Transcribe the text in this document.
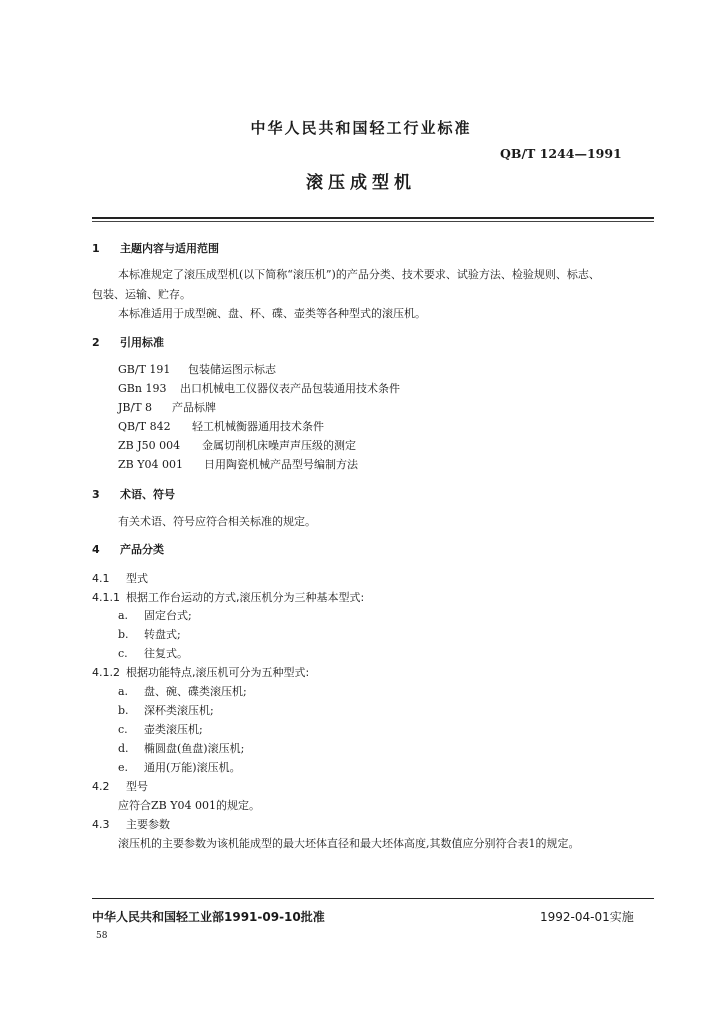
中华人民共和国轻工行业标准
QB/T 1244—1991
滚压成型机
1 主题内容与适用范围
本标准规定了滚压成型机(以下简称“滚压机”)的产品分类、技术要求、试验方法、检验规则、标志、
包装、运输、贮存。
本标准适用于成型碗、盘、杯、碟、壶类等各种型式的滚压机。
2 引用标准
GB/T 191 包装储运图示标志
GBn 193 出口机械电工仪器仪表产品包装通用技术条件
JB/T 8 产品标牌
QB/T 842 轻工机械衡器通用技术条件
ZB J50 004 金属切削机床噪声声压级的测定
ZB Y04 001 日用陶瓷机械产品型号编制方法
3 术语、符号
有关术语、符号应符合相关标准的规定。
4 产品分类
4.1 型式
4.1.1 根据工作台运动的方式,滚压机分为三种基本型式:
a. 固定台式;
b. 转盘式;
c. 往复式。
4.1.2 根据功能特点,滚压机可分为五种型式:
a. 盘、碗、碟类滚压机;
b. 深杯类滚压机;
c. 壶类滚压机;
d. 椭圆盘(鱼盘)滚压机;
e. 通用(万能)滚压机。
4.2 型号
应符合ZB Y04 001的规定。
4.3 主要参数
滚压机的主要参数为该机能成型的最大坯体直径和最大坯体高度,其数值应分别符合表1的规定。
中华人民共和国轻工业部1991-09-10批准	1992-04-01实施
58
